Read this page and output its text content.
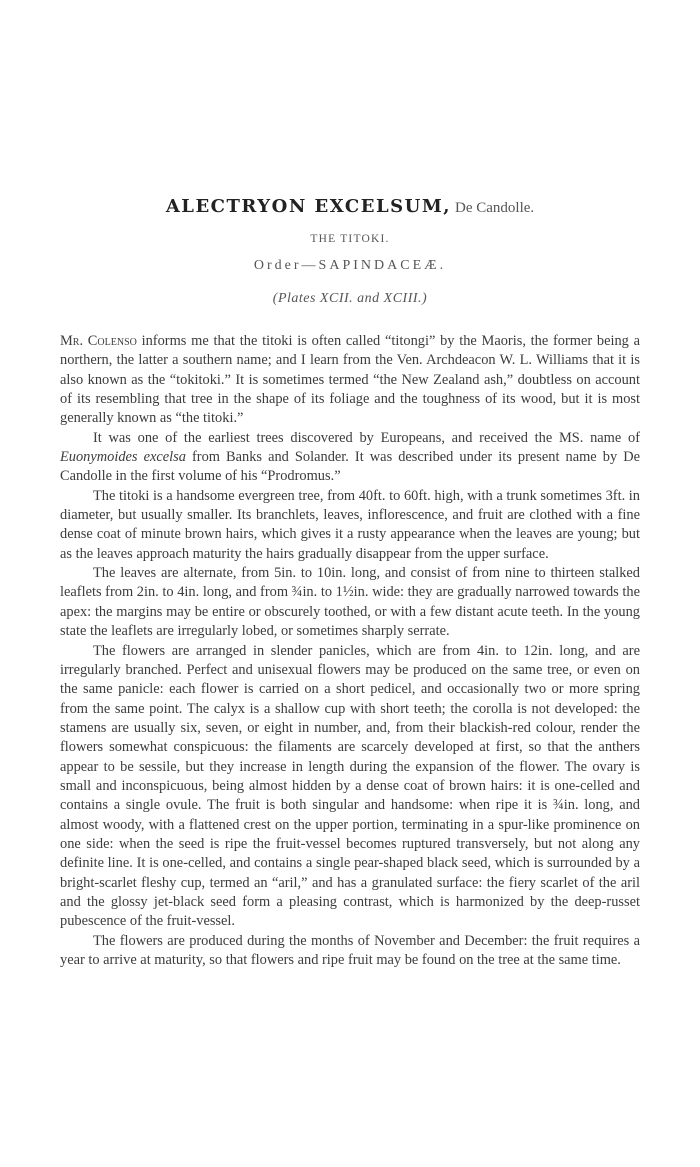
ALECTRYON EXCELSUM, De Candolle.
THE TITOKI.
Order—SAPINDACEÆ.
(Plates XCII. and XCIII.)

Mr. Colenso informs me that the titoki is often called “titongi” by the Maoris, the former being a northern, the latter a southern name; and I learn from the Ven. Archdeacon W. L. Williams that it is also known as the “tokitoki.” It is sometimes termed “the New Zealand ash,” doubtless on account of its resembling that tree in the shape of its foliage and the toughness of its wood, but it is most generally known as “the titoki.”

It was one of the earliest trees discovered by Europeans, and received the MS. name of Euonymoides excelsa from Banks and Solander. It was described under its present name by De Candolle in the first volume of his “Prodromus.”

The titoki is a handsome evergreen tree, from 40ft. to 60ft. high, with a trunk sometimes 3ft. in diameter, but usually smaller. Its branchlets, leaves, inflorescence, and fruit are clothed with a fine dense coat of minute brown hairs, which gives it a rusty appearance when the leaves are young; but as the leaves approach maturity the hairs gradually disappear from the upper surface.

The leaves are alternate, from 5in. to 10in. long, and consist of from nine to thirteen stalked leaflets from 2in. to 4in. long, and from ¾in. to 1½in. wide: they are gradually narrowed towards the apex: the margins may be entire or obscurely toothed, or with a few distant acute teeth. In the young state the leaflets are irregularly lobed, or sometimes sharply serrate.

The flowers are arranged in slender panicles, which are from 4in. to 12in. long, and are irregularly branched. Perfect and unisexual flowers may be produced on the same tree, or even on the same panicle: each flower is carried on a short pedicel, and occasionally two or more spring from the same point. The calyx is a shallow cup with short teeth; the corolla is not developed: the stamens are usually six, seven, or eight in number, and, from their blackish-red colour, render the flowers somewhat conspicuous: the filaments are scarcely developed at first, so that the anthers appear to be sessile, but they increase in length during the expansion of the flower. The ovary is small and inconspicuous, being almost hidden by a dense coat of brown hairs: it is one-celled and contains a single ovule. The fruit is both singular and handsome: when ripe it is ¾in. long, and almost woody, with a flattened crest on the upper portion, terminating in a spur-like prominence on one side: when the seed is ripe the fruit-vessel becomes ruptured transversely, but not along any definite line. It is one-celled, and contains a single pear-shaped black seed, which is surrounded by a bright-scarlet fleshy cup, termed an “aril,” and has a granulated surface: the fiery scarlet of the aril and the glossy jet-black seed form a pleasing contrast, which is harmonized by the deep-russet pubescence of the fruit-vessel.

The flowers are produced during the months of November and December: the fruit requires a year to arrive at maturity, so that flowers and ripe fruit may be found on the tree at the same time.
